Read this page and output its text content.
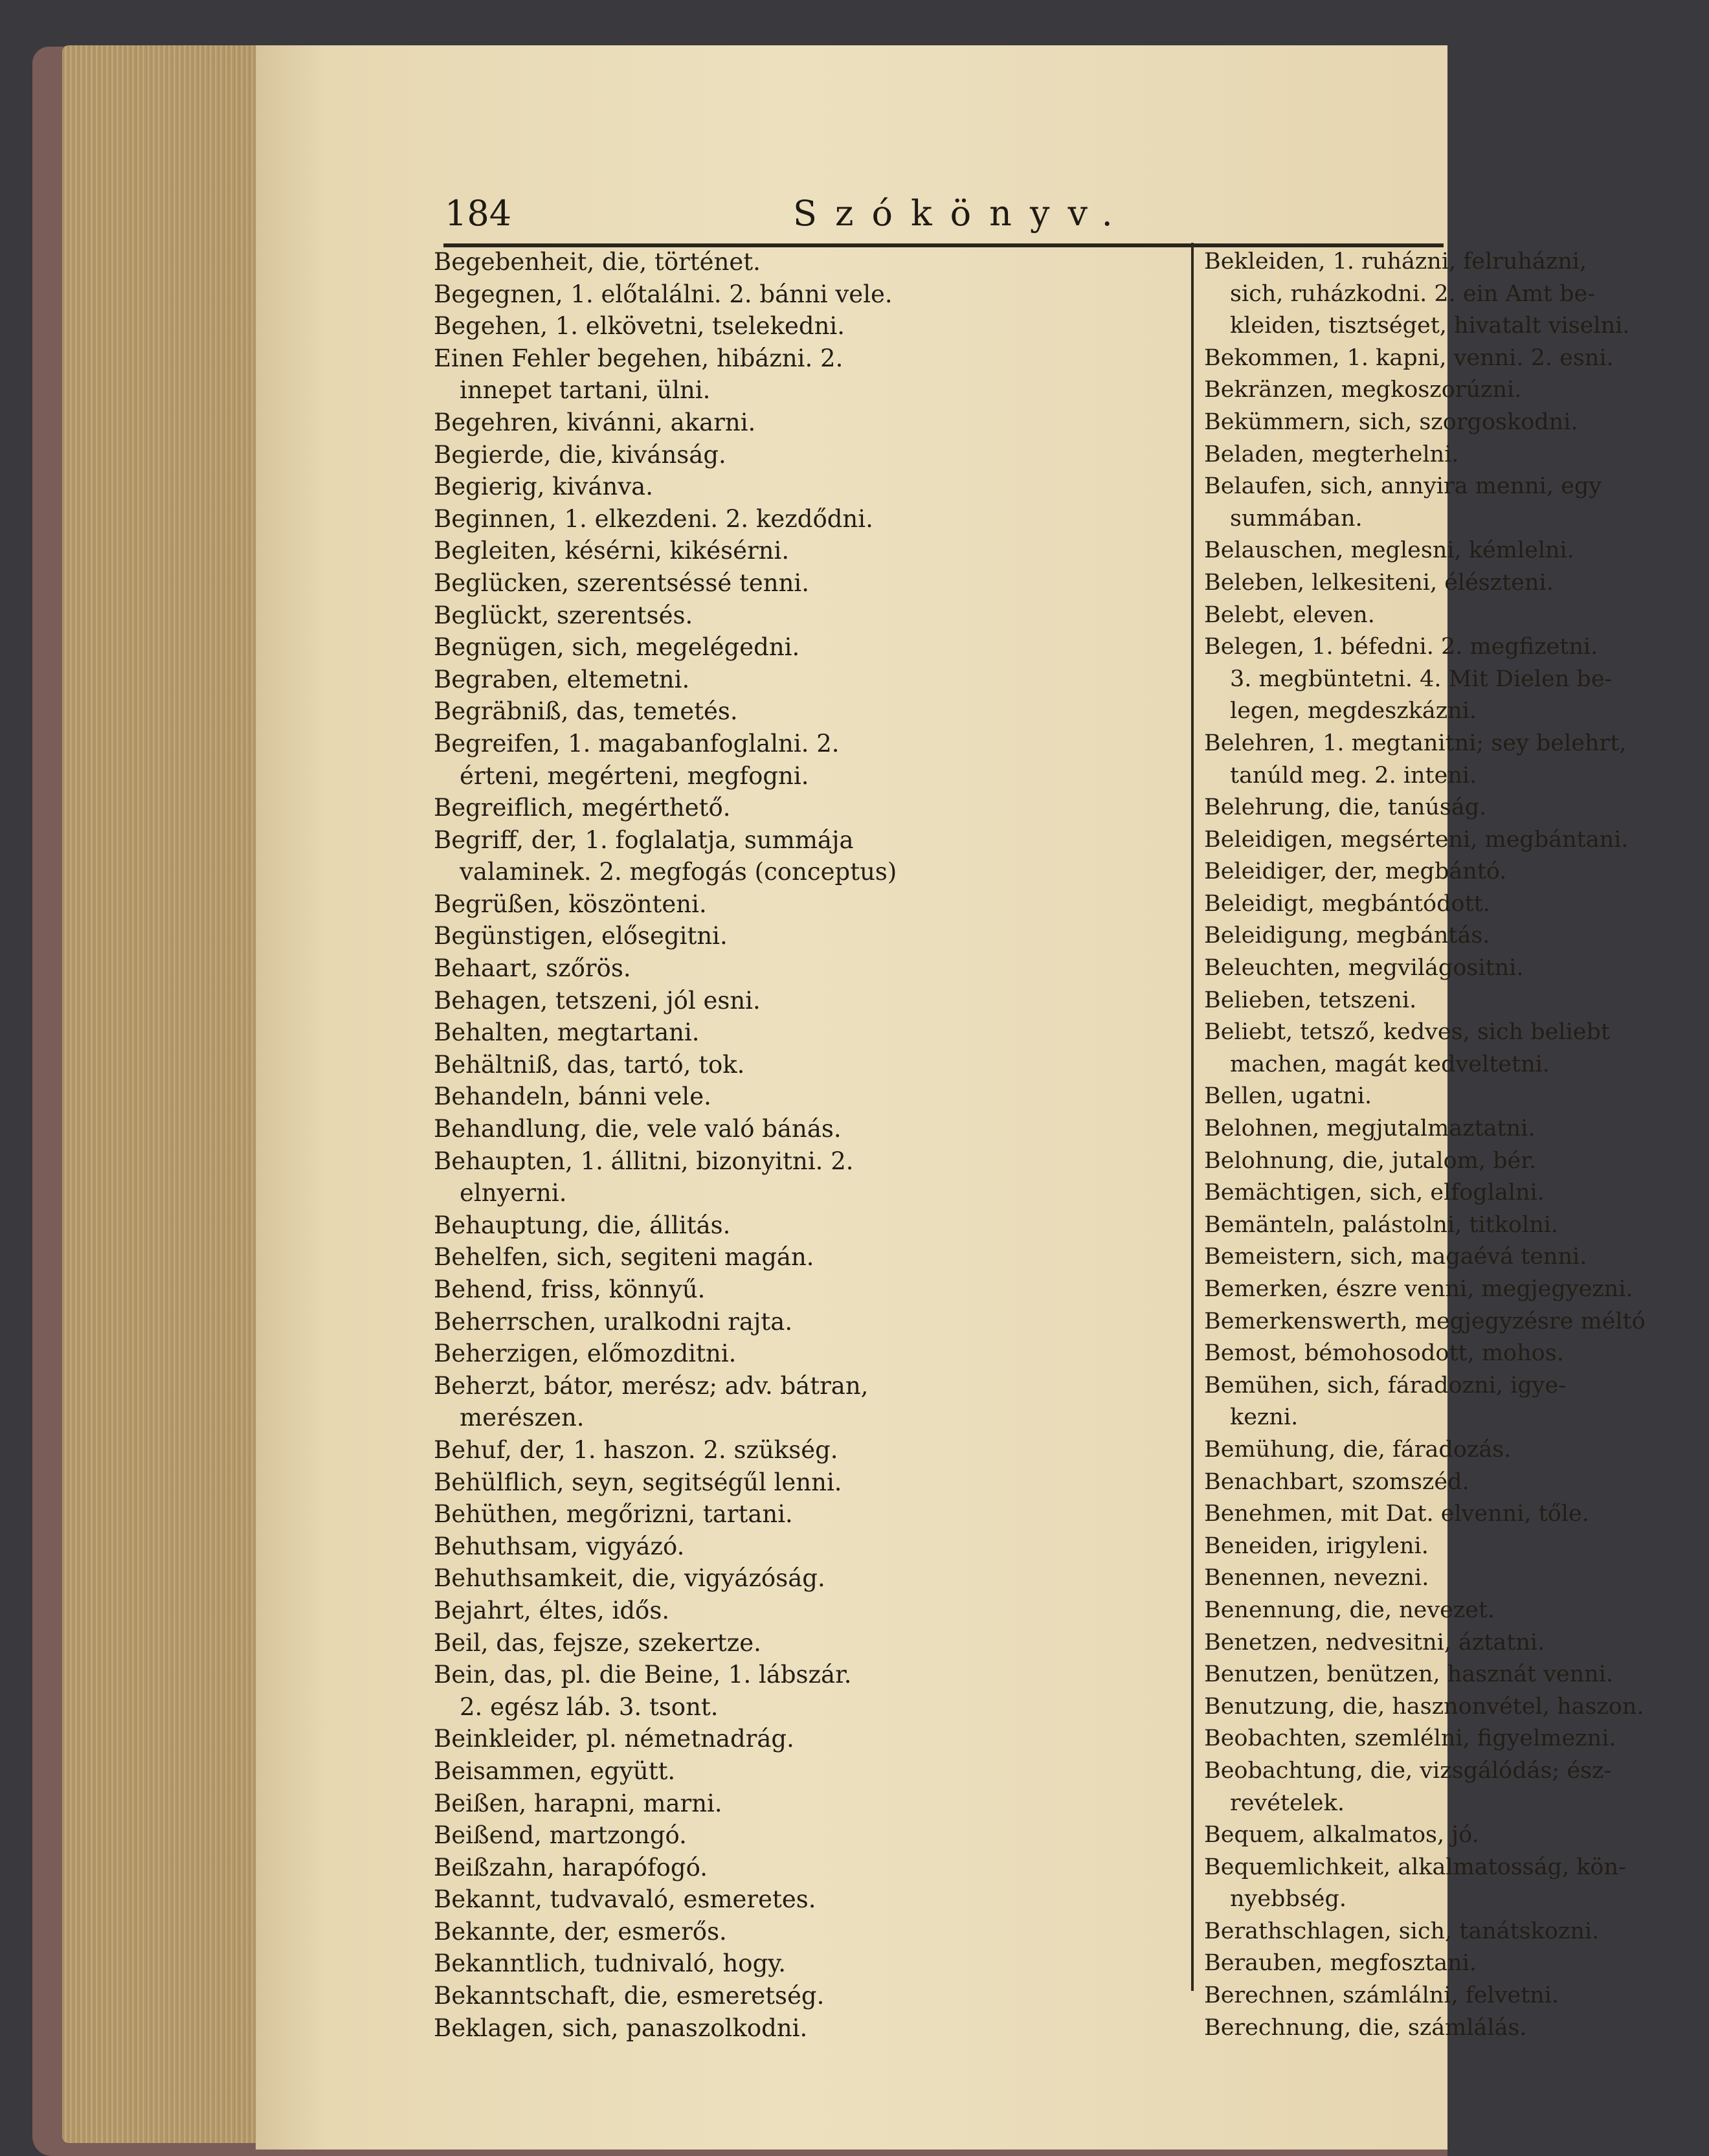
184	Szókönyv.

Begebenheit, die, történet.

Begegnen, 1. előtalálni. 2. bánni vele.

Begehen, 1. elkövetni, tselekedni.

Einen Fehler begehen, hibázni. 2.

innepet tartani, ülni.

Begehren, kivánni, akarni.

Begierde, die, kivánság.

Begierig, kivánva.

Beginnen, 1. elkezdeni. 2. kezdődni.

Begleiten, késérni, kikésérni.

Beglücken, szerentséssé tenni.

Beglückt, szerentsés.

Begnügen, sich, megelégedni.

Begraben, eltemetni.

Begräbniß, das, temetés.

Begreifen, 1. magabanfoglalni. 2.

érteni, megérteni, megfogni.

Begreiflich, megérthető.

Begriff, der, 1. foglalatja, summája

valaminek. 2. megfogás (conceptus)

Begrüßen, köszönteni.

Begünstigen, elősegitni.

Behaart, szőrös.

Behagen, tetszeni, jól esni.

Behalten, megtartani.

Behältniß, das, tartó, tok.

Behandeln, bánni vele.

Behandlung, die, vele való bánás.

Behaupten, 1. állitni, bizonyitni. 2.

elnyerni.

Behauptung, die, állitás.

Behelfen, sich, segiteni magán.

Behend, friss, könnyű.

Beherrschen, uralkodni rajta.

Beherzigen, előmozditni.

Beherzt, bátor, merész; adv. bátran,

merészen.

Behuf, der, 1. haszon. 2. szükség.

Behülflich, seyn, segitségűl lenni.

Behüthen, megőrizni, tartani.

Behuthsam, vigyázó.

Behuthsamkeit, die, vigyázóság.

Bejahrt, éltes, idős.

Beil, das, fejsze, szekertze.

Bein, das, pl. die Beine, 1. lábszár.

2. egész láb. 3. tsont.

Beinkleider, pl. németnadrág.

Beisammen, együtt.

Beißen, harapni, marni.

Beißend, martzongó.

Beißzahn, harapófogó.

Bekannt, tudvavaló, esmeretes.

Bekannte, der, esmerős.

Bekanntlich, tudnivaló, hogy.

Bekanntschaft, die, esmeretség.

Beklagen, sich, panaszolkodni.

Bekleiden, 1. ruházni, felruházni,

sich, ruházkodni. 2. ein Amt be-

kleiden, tisztséget, hivatalt viselni.

Bekommen, 1. kapni, venni. 2. esni.

Bekränzen, megkoszorúzni.

Bekümmern, sich, szorgoskodni.

Beladen, megterhelni.

Belaufen, sich, annyira menni, egy

summában.

Belauschen, meglesni, kémlelni.

Beleben, lelkesiteni, élészteni.

Belebt, eleven.

Belegen, 1. béfedni. 2. megfizetni.

3. megbüntetni. 4. Mit Dielen be-

legen, megdeszkázni.

Belehren, 1. megtanitni; sey belehrt,

tanúld meg. 2. inteni.

Belehrung, die, tanúság.

Beleidigen, megsérteni, megbántani.

Beleidiger, der, megbántó.

Beleidigt, megbántódott.

Beleidigung, megbántás.

Beleuchten, megvilágositni.

Belieben, tetszeni.

Beliebt, tetsző, kedves, sich beliebt

machen, magát kedveltetni.

Bellen, ugatni.

Belohnen, megjutalmaztatni.

Belohnung, die, jutalom, bér.

Bemächtigen, sich, elfoglalni.

Bemänteln, palástolni, titkolni.

Bemeistern, sich, magaévá tenni.

Bemerken, észre venni, megjegyezni.

Bemerkenswerth, megjegyzésre méltó

Bemost, bémohosodott, mohos.

Bemühen, sich, fáradozni, igye-

kezni.

Bemühung, die, fáradozás.

Benachbart, szomszéd.

Benehmen, mit Dat. elvenni, tőle.

Beneiden, irigyleni.

Benennen, nevezni.

Benennung, die, nevezet.

Benetzen, nedvesitni, áztatni.

Benutzen, benützen, hasznát venni.

Benutzung, die, hasznonvétel, haszon.

Beobachten, szemlélni, figyelmezni.

Beobachtung, die, vizsgálódás; ész-

revételek.

Bequem, alkalmatos, jó.

Bequemlichkeit, alkalmatosság, kön-

nyebbség.

Berathschlagen, sich, tanátskozni.

Berauben, megfosztani.

Berechnen, számlálni, felvetni.

Berechnung, die, számlálás.
